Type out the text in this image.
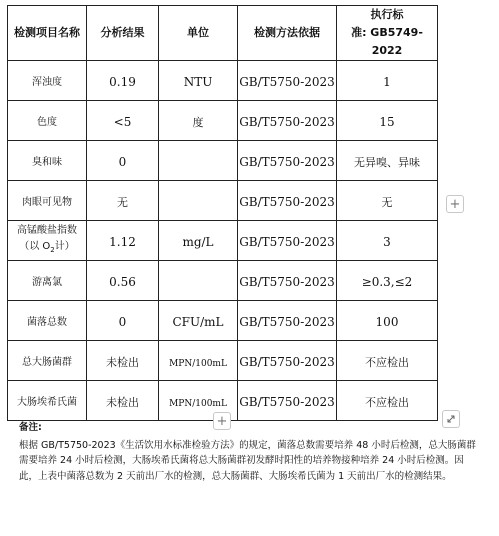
检测项目名称	分析结果	单位	检测方法依据	执行标
准: GB5749-2022
浑浊度	0.19	NTU	GB/T5750-2023	1
色度	<5	度	GB/T5750-2023	15
臭和味	0		GB/T5750-2023	无异嗅、异味
肉眼可见物	无		GB/T5750-2023	无
高锰酸盐指数
（以 $O_2$计）	1.12	mg/L	GB/T5750-2023	3
游离氯	0.56		GB/T5750-2023	≥0.3,≤2
菌落总数	0	CFU/mL	GB/T5750-2023	100
总大肠菌群	未检出	MPN/100mL	GB/T5750-2023	不应检出
大肠埃希氏菌	未检出	MPN/100mL	GB/T5750-2023	不应检出
+
+
备注:
根据 GB/T5750-2023《生活饮用水标准检验方法》的规定，菌落总数需要培养 48 小时后检测，总大肠菌群需要培养 24 小时后检测，大肠埃希氏菌将总大肠菌群初发酵时阳性的培养物接种培养 24 小时后检测。因此，上表中菌落总数为 2 天前出厂水的检测，总大肠菌群、大肠埃希氏菌为 1 天前出厂水的检测结果。
